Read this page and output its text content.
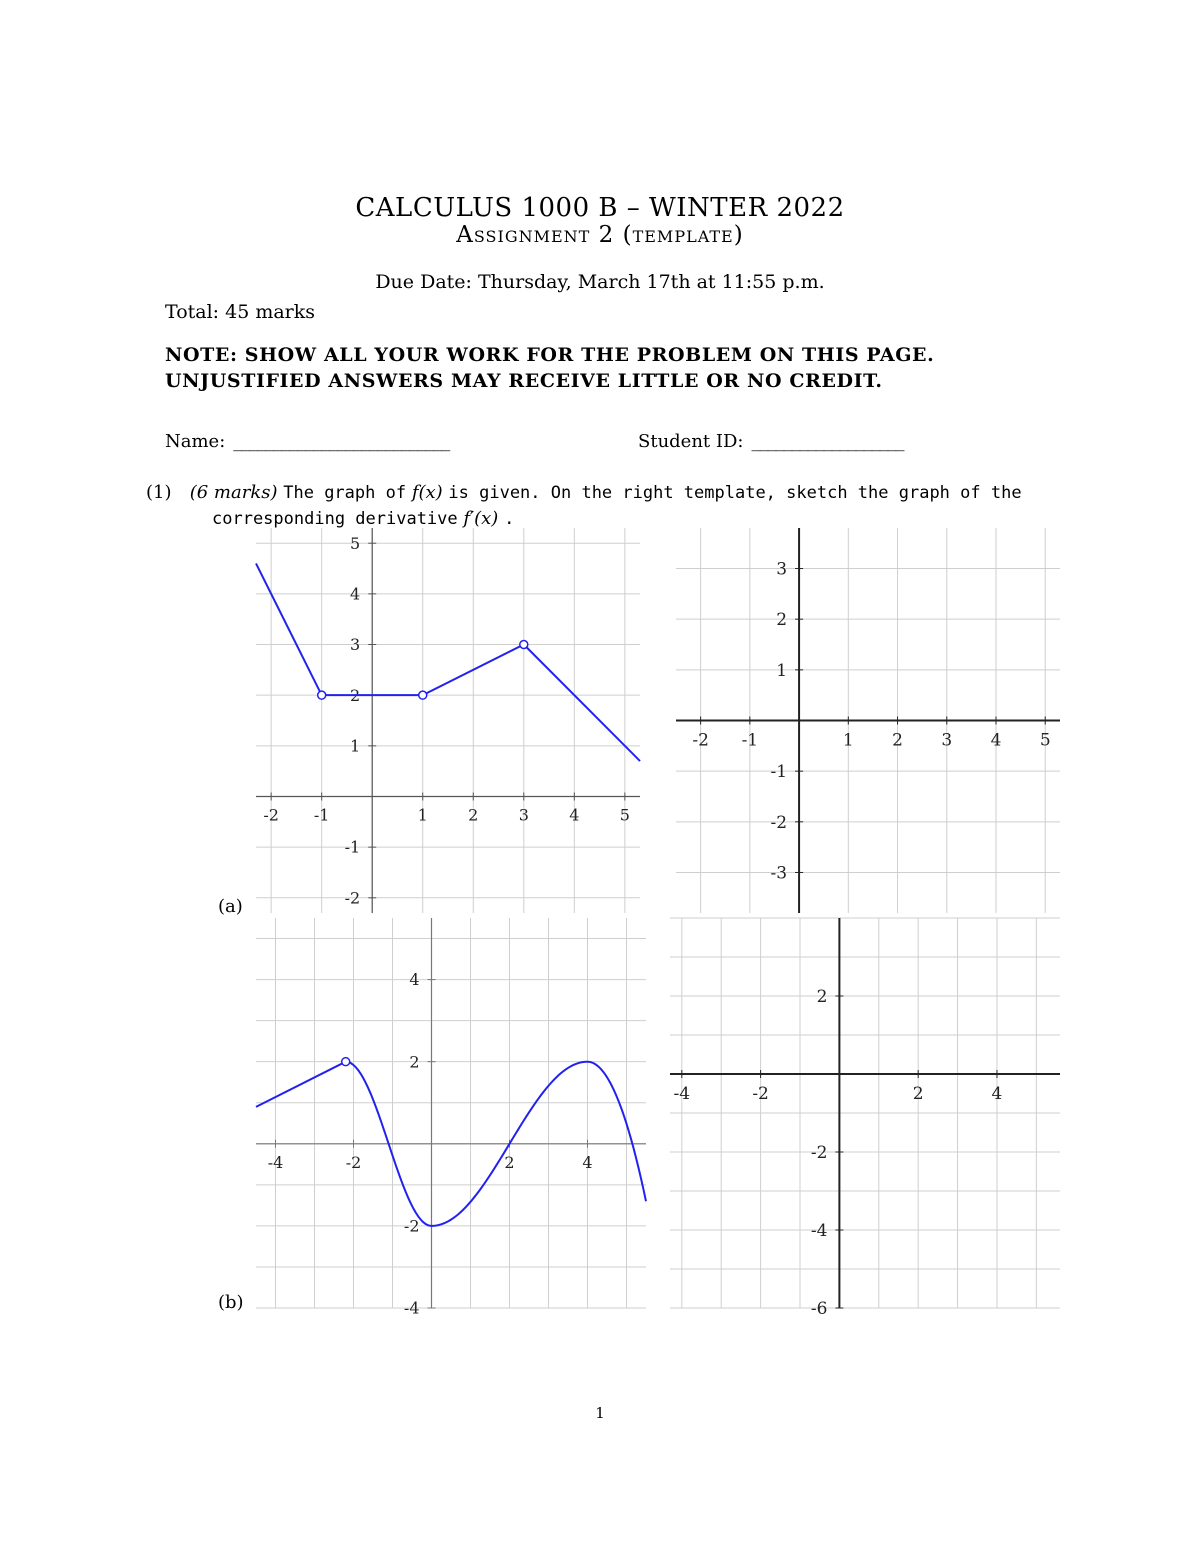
CALCULUS 1000 B – WINTER 2022
Assignment 2 (template)
Due Date: Thursday, March 17th at 11:55 p.m.
Total: 45 marks
NOTE: SHOW ALL YOUR WORK FOR THE PROBLEM ON THIS PAGE.
UNJUSTIFIED ANSWERS MAY RECEIVE LITTLE OR NO CREDIT.
Name: ___________________________	Student ID: ___________________
(1) (6 marks) The graph of f(x) is given. On the right template, sketch the graph of the
corresponding derivative f′(x) .
-2 -1	1	2	3	4	5
-2
-1
1
2
3
4
5
-2 -1	1 2 3 4 5
-3
-2
-1
1
2
3
(a)
-4	-2	2	4
-4
-2
2
4
-4	-2	2	4
-6
-4
-2
2
(b)
1
